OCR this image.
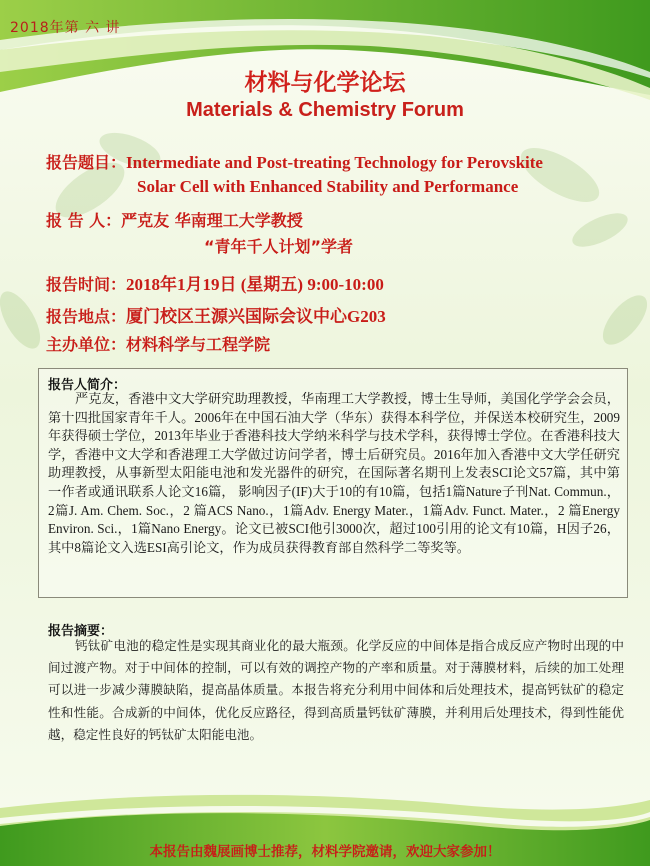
2018年第 六 讲
材料与化学论坛
Materials & Chemistry Forum
报告题目：Intermediate and Post-treating Technology for Perovskite
Solar Cell with Enhanced Stability and Performance
报 告 人：严克友 华南理工大学教授
“青年千人计划”学者
报告时间：2018年1月19日 (星期五) 9:00-10:00
报告地点：厦门校区王源兴国际会议中心G203
主办单位：材料科学与工程学院
报告人简介：
严克友，香港中文大学研究助理教授，华南理工大学教授，博士生导师，美国化学学会会员，第十四批国家青年千人。2006年在中国石油大学（华东）获得本科学位，并保送本校研究生，2009年获得硕士学位，2013年毕业于香港科技大学纳米科学与技术学科，获得博士学位。在香港科技大学，香港中文大学和香港理工大学做过访问学者，博士后研究员。2016年加入香港中文大学任研究助理教授，从事新型太阳能电池和发光器件的研究，在国际著名期刊上发表SCI论文57篇，其中第一作者或通讯联系人论文16篇， 影响因子(IF)大于10的有10篇，包括1篇Nature子刊Nat. Commun.，2篇J. Am. Chem. Soc.，2 篇ACS Nano.，1篇Adv. Energy Mater.，1篇Adv. Funct. Mater.，2 篇Energy Environ. Sci.，1篇Nano Energy。论文已被SCI他引3000次，超过100引用的论文有10篇，H因子26，其中8篇论文入选ESI高引论文，作为成员获得教育部自然科学二等奖等。
报告摘要：
钙钛矿电池的稳定性是实现其商业化的最大瓶颈。化学反应的中间体是指合成反应产物时出现的中间过渡产物。对于中间体的控制，可以有效的调控产物的产率和质量。对于薄膜材料，后续的加工处理可以进一步减少薄膜缺陷，提高晶体质量。本报告将充分利用中间体和后处理技术，提高钙钛矿的稳定性和性能。合成新的中间体，优化反应路径，得到高质量钙钛矿薄膜，并利用后处理技术，得到性能优越，稳定性良好的钙钛矿太阳能电池。
本报告由魏展画博士推荐，材料学院邀请，欢迎大家参加！
